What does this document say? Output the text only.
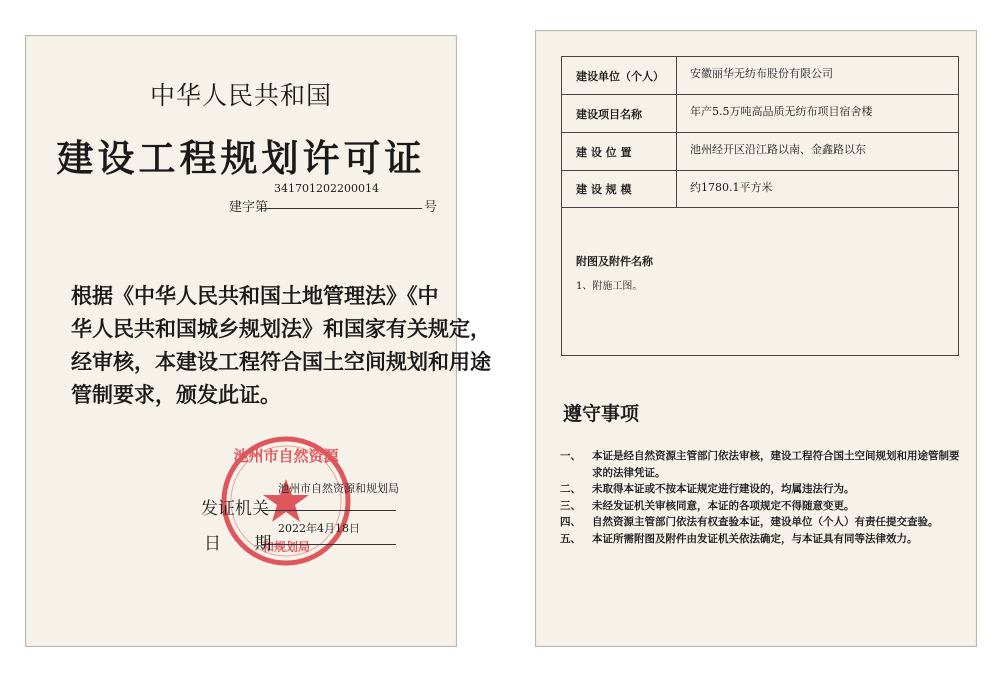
中华人民共和国
建设工程规划许可证
341701202200014
建字第	号
根据《中华人民共和国土地管理法》《中
华人民共和国城乡规划法》和国家有关规定，
经审核，本建设工程符合国土空间规划和用途
管制要求，颁发此证。
池州市自然资源
和规划局
池州市自然资源和规划局
发证机关
2022年4月18日
日 期
建设单位（个人）	安徽丽华无纺布股份有限公司
建设项目名称	年产5.5万吨高品质无纺布项目宿舍楼
建 设 位 置	池州经开区沿江路以南、金鑫路以东
建 设 规 模	约1780.1平方米
附图及附件名称
1、附施工图。
遵守事项
一、 本证是经自然资源主管部门依法审核，建设工程符合国土空间规划和用途管制要求的法律凭证。
二、 未取得本证或不按本证规定进行建设的，均属违法行为。
三、 未经发证机关审核同意，本证的各项规定不得随意变更。
四、 自然资源主管部门依法有权查验本证，建设单位（个人）有责任提交查验。
五、 本证所需附图及附件由发证机关依法确定，与本证具有同等法律效力。
